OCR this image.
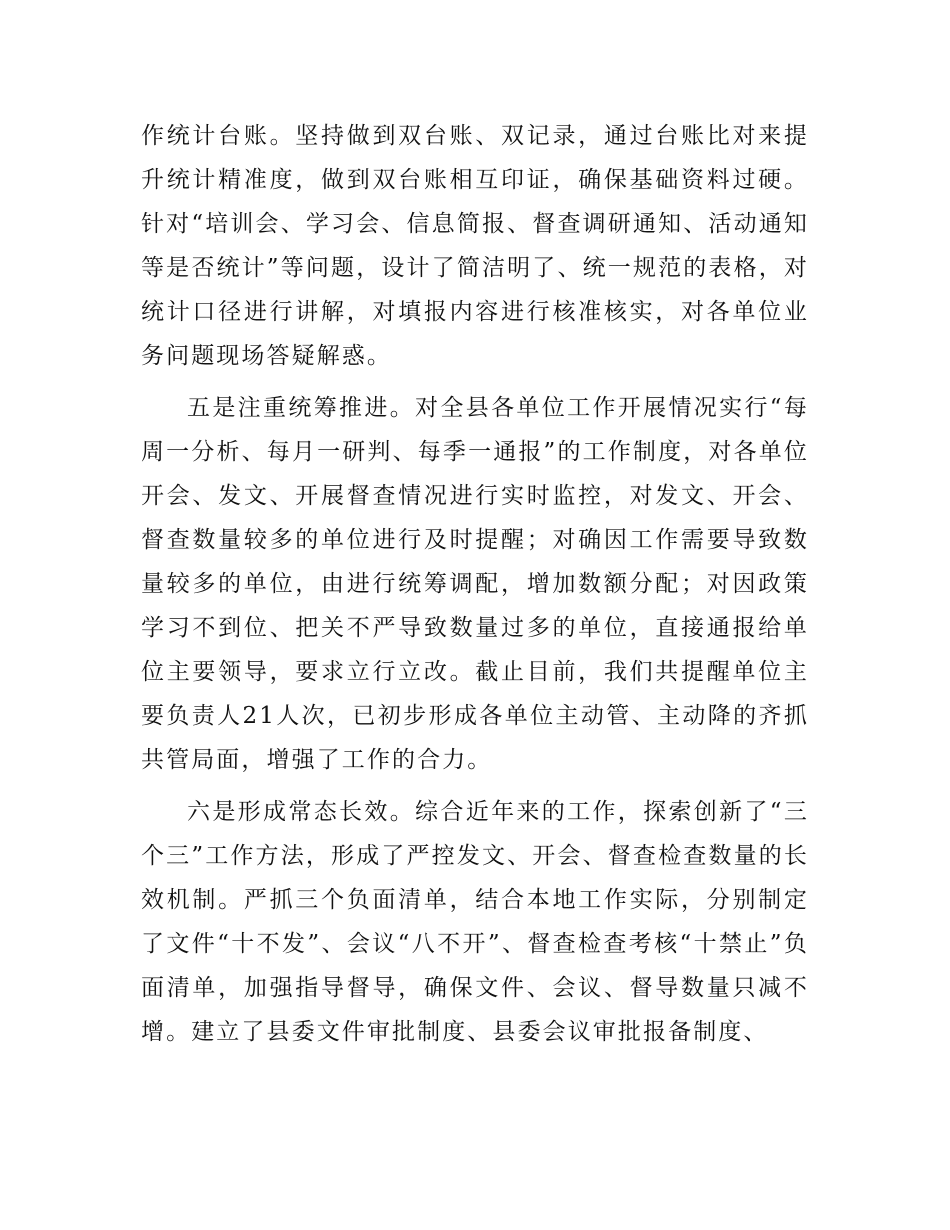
作统计台账。坚持做到双台账、双记录，通过台账比对来提升统计精准度，做到双台账相互印证，确保基础资料过硬。针对“培训会、学习会、信息简报、督查调研通知、活动通知等是否统计”等问题，设计了简洁明了、统一规范的表格，对统计口径进行讲解，对填报内容进行核准核实，对各单位业务问题现场答疑解惑。

五是注重统筹推进。对全县各单位工作开展情况实行“每周一分析、每月一研判、每季一通报”的工作制度，对各单位开会、发文、开展督查情况进行实时监控，对发文、开会、督查数量较多的单位进行及时提醒；对确因工作需要导致数量较多的单位，由进行统筹调配，增加数额分配；对因政策学习不到位、把关不严导致数量过多的单位，直接通报给单位主要领导，要求立行立改。截止目前，我们共提醒单位主要负责人21人次，已初步形成各单位主动管、主动降的齐抓共管局面，增强了工作的合力。

六是形成常态长效。综合近年来的工作，探索创新了“三个三”工作方法，形成了严控发文、开会、督查检查数量的长效机制。严抓三个负面清单，结合本地工作实际，分别制定了文件“十不发”、会议“八不开”、督查检查考核“十禁止”负面清单，加强指导督导，确保文件、会议、督导数量只减不增。建立了县委文件审批制度、县委会议审批报备制度、
